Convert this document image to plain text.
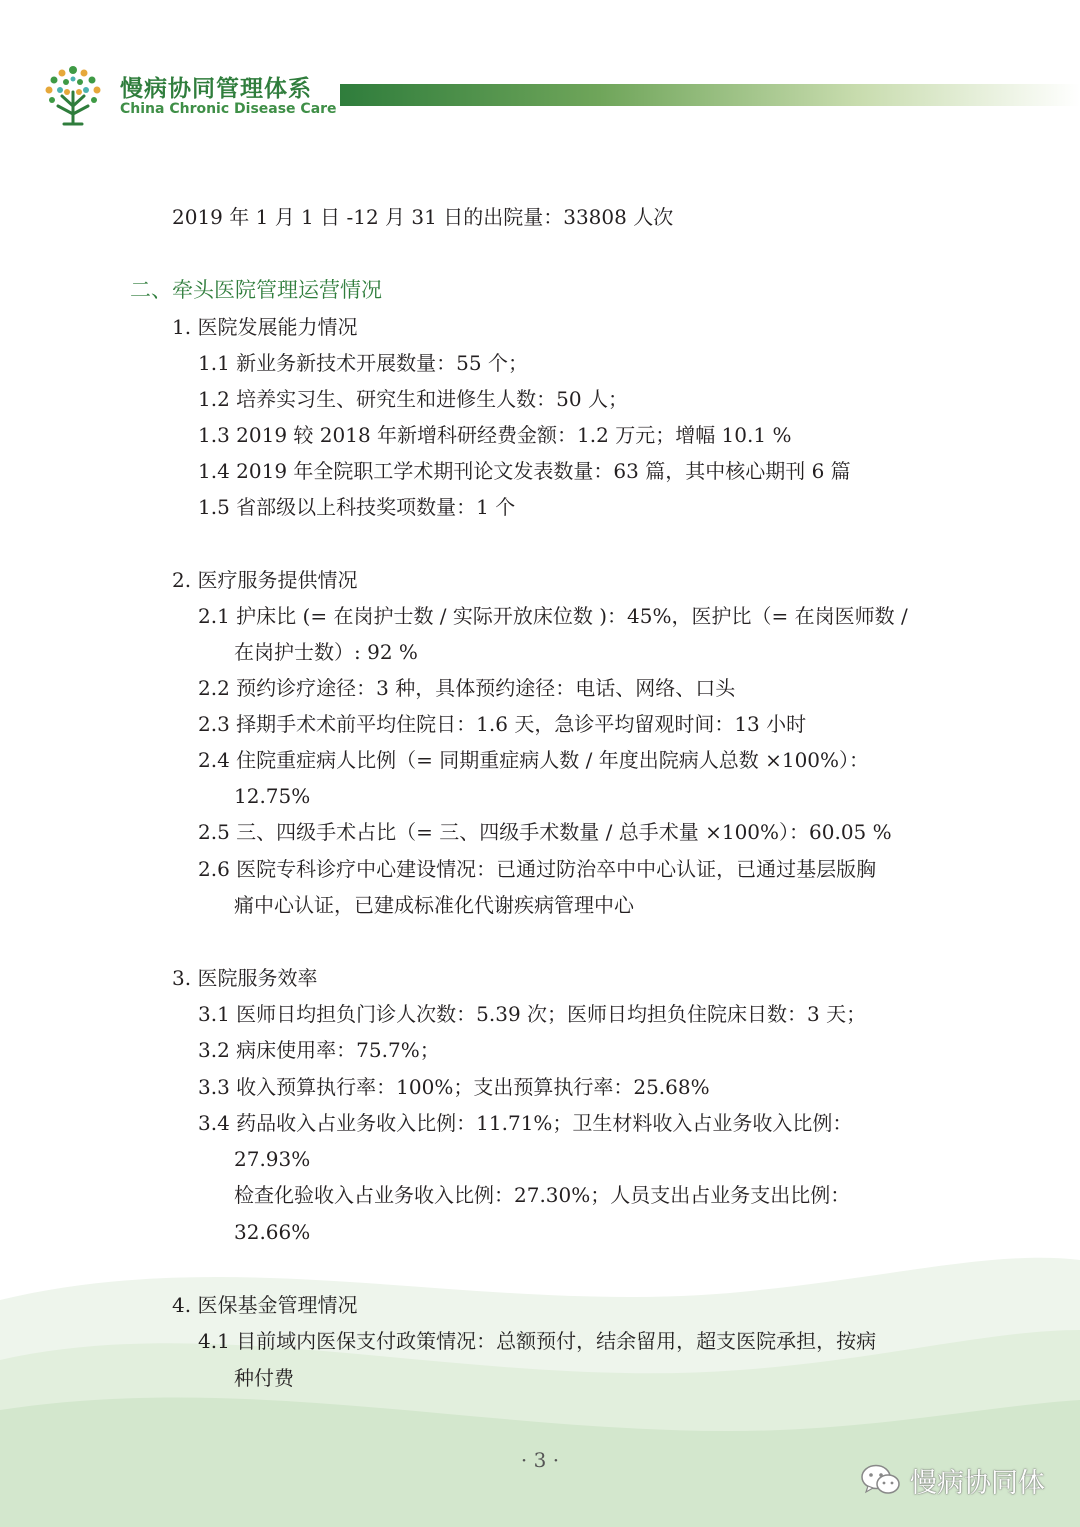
慢病协同管理体系
China Chronic Disease Care
2019 年 1 月 1 日 -12 月 31 日的出院量：33808 人次
二、牵头医院管理运营情况
1. 医院发展能力情况
1.1 新业务新技术开展数量：55 个；
1.2 培养实习生、研究生和进修生人数：50 人；
1.3 2019 较 2018 年新增科研经费金额：1.2 万元；增幅 10.1 %
1.4 2019 年全院职工学术期刊论文发表数量：63 篇，其中核心期刊 6 篇
1.5 省部级以上科技奖项数量：1 个
2. 医疗服务提供情况
2.1 护床比 (= 在岗护士数 / 实际开放床位数 )：45%，医护比（= 在岗医师数 /
在岗护士数）: 92 %
2.2 预约诊疗途径：3 种，具体预约途径：电话、网络、口头
2.3 择期手术术前平均住院日：1.6 天，急诊平均留观时间：13 小时
2.4 住院重症病人比例（= 同期重症病人数 / 年度出院病人总数 ×100%）：
12.75%
2.5 三、四级手术占比（= 三、四级手术数量 / 总手术量 ×100%）：60.05 %
2.6 医院专科诊疗中心建设情况：已通过防治卒中中心认证，已通过基层版胸
痛中心认证，已建成标准化代谢疾病管理中心
3. 医院服务效率
3.1 医师日均担负门诊人次数：5.39 次；医师日均担负住院床日数：3 天；
3.2 病床使用率：75.7%；
3.3 收入预算执行率：100%；支出预算执行率：25.68%
3.4 药品收入占业务收入比例：11.71%；卫生材料收入占业务收入比例：
27.93%
检查化验收入占业务收入比例：27.30%；人员支出占业务支出比例：
32.66%
4. 医保基金管理情况
4.1 目前域内医保支付政策情况：总额预付，结余留用，超支医院承担，按病
种付费
· 3 ·
慢病协同体
